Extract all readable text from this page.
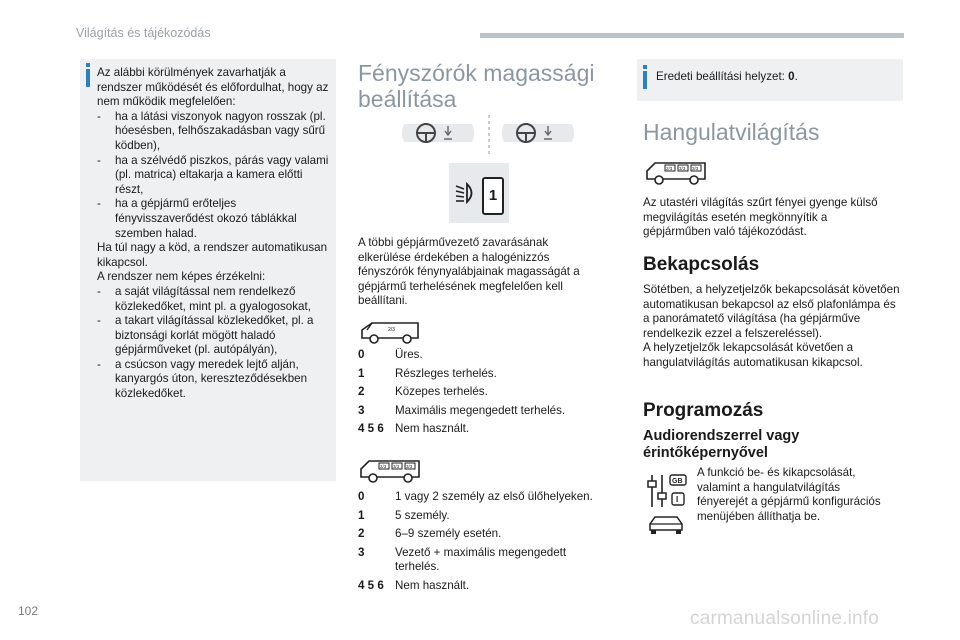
Világítás és tájékozódás
Az alábbi körülmények zavarhatják a rendszer működését és előfordulhat, hogy az nem működik megfelelően:
- ha a látási viszonyok nagyon rosszak (pl. hóesésben, felhőszakadásban vagy sűrű ködben),
- ha a szélvédő piszkos, párás vagy valami (pl. matrica) eltakarja a kamera előtti részt,
- ha a gépjármű erőteljes fényvisszaverődést okozó táblákkal szemben halad.
Ha túl nagy a köd, a rendszer automatikusan kikapcsol.
A rendszer nem képes érzékelni:
- a saját világítással nem rendelkező közlekedőket, mint pl. a gyalogosokat,
- a takart világítással közlekedőket, pl. a biztonsági korlát mögött haladó gépjárműveket (pl. autópályán),
- a csúcson vagy meredek lejtő alján, kanyargós úton, kereszteződésekben közlekedőket.
Fényszórók magassági beállítása
1
A többi gépjárművezető zavarásának elkerülése érdekében a halogénizzós fényszórók fénynyalábjainak magasságát a gépjármű terhelésének megfelelően kell beállítani.
2/3
0	Üres.
1	Részleges terhelés.
2	Közepes terhelés.
3	Maximális megengedett terhelés.
4 5 6 Nem használt.
2/3 3/3 3/3
0	1 vagy 2 személy az első ülőhelyeken.
1	5 személy.
2	6–9 személy esetén.
3	Vezető + maximális megengedett terhelés.
4 5 6 Nem használt.
Eredeti beállítási helyzet: 0.
Hangulatvilágítás
2/3 3/3 3/3
Az utastéri világítás szűrt fényei gyenge külső megvilágítás esetén megkönnyítik a gépjárműben való tájékozódást.
Bekapcsolás
Sötétben, a helyzetjelzők bekapcsolását követően automatikusan bekapcsol az első plafonlámpa és a panorámatető világítása (ha gépjárműve rendelkezik ezzel a felszereléssel).
A helyzetjelzők lekapcsolását követően a hangulatvilágítás automatikusan kikapcsol.
Programozás
Audiorendszerrel vagy érintőképernyővel
GB
I
A funkció be- és kikapcsolását, valamint a hangulatvilágítás fényerejét a gépjármű konfigurációs menüjében állíthatja be.
102	carmanualsonline.info
